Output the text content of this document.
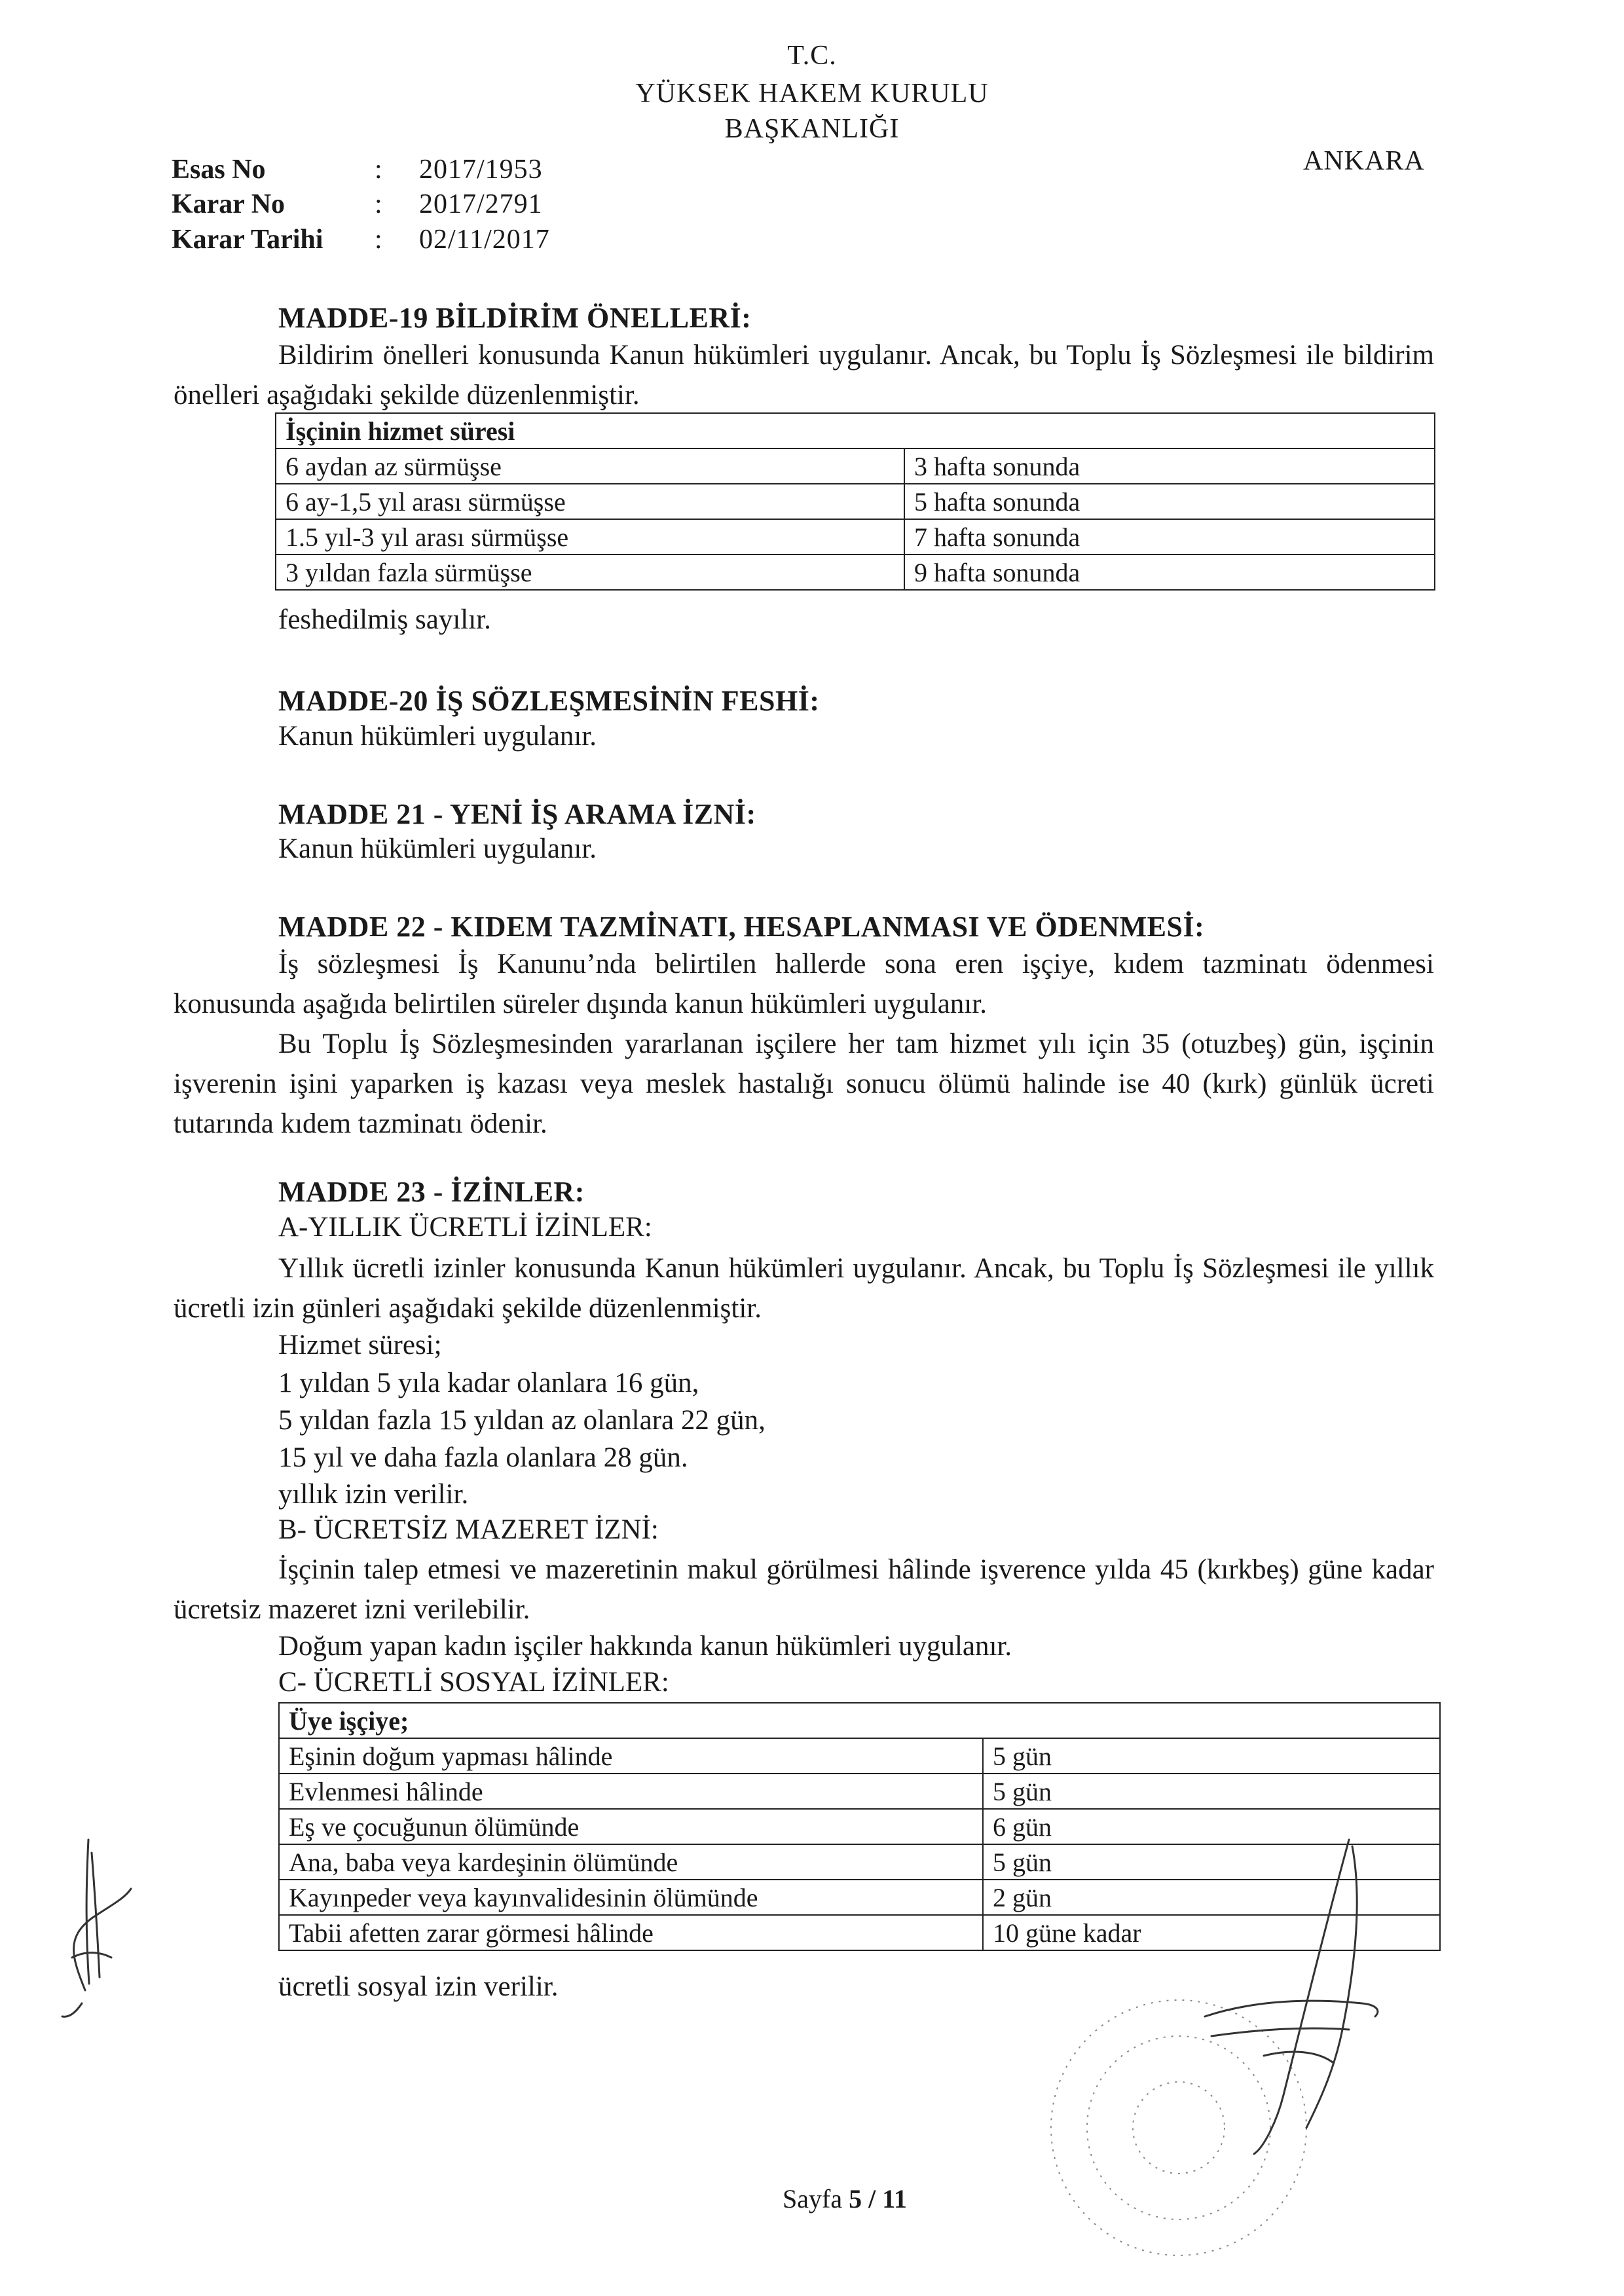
T.C.
YÜKSEK HAKEM KURULU
BAŞKANLIĞI
ANKARA
Esas No	: 2017/1953
Karar No	: 2017/2791
Karar Tarihi : 02/11/2017
MADDE-19 BİLDİRİM ÖNELLERİ:
Bildirim önelleri konusunda Kanun hükümleri uygulanır. Ancak, bu Toplu İş Sözleşmesi ile bildirim önelleri aşağıdaki şekilde düzenlenmiştir.
İşçinin hizmet süresi	
6 aydan az sürmüşse	3 hafta sonunda
6 ay-1,5 yıl arası sürmüşse	5 hafta sonunda
1.5 yıl-3 yıl arası sürmüşse	7 hafta sonunda
3 yıldan fazla sürmüşse	9 hafta sonunda
feshedilmiş sayılır.
MADDE-20 İŞ SÖZLEŞMESİNİN FESHİ:
Kanun hükümleri uygulanır.
MADDE 21 - YENİ İŞ ARAMA İZNİ:
Kanun hükümleri uygulanır.
MADDE 22 - KIDEM TAZMİNATI, HESAPLANMASI VE ÖDENMESİ:
İş sözleşmesi İş Kanunu’nda belirtilen hallerde sona eren işçiye, kıdem tazminatı ödenmesi konusunda aşağıda belirtilen süreler dışında kanun hükümleri uygulanır.
Bu Toplu İş Sözleşmesinden yararlanan işçilere her tam hizmet yılı için 35 (otuzbeş) gün, işçinin işverenin işini yaparken iş kazası veya meslek hastalığı sonucu ölümü halinde ise 40 (kırk) günlük ücreti tutarında kıdem tazminatı ödenir.
MADDE 23 - İZİNLER:
A-YILLIK ÜCRETLİ İZİNLER:
Yıllık ücretli izinler konusunda Kanun hükümleri uygulanır. Ancak, bu Toplu İş Sözleşmesi ile yıllık ücretli izin günleri aşağıdaki şekilde düzenlenmiştir.
Hizmet süresi;
1 yıldan 5 yıla kadar olanlara 16 gün,
5 yıldan fazla 15 yıldan az olanlara 22 gün,
15 yıl ve daha fazla olanlara 28 gün.
yıllık izin verilir.
B- ÜCRETSİZ MAZERET İZNİ:
İşçinin talep etmesi ve mazeretinin makul görülmesi hâlinde işverence yılda 45 (kırkbeş) güne kadar ücretsiz mazeret izni verilebilir.
Doğum yapan kadın işçiler hakkında kanun hükümleri uygulanır.
C- ÜCRETLİ SOSYAL İZİNLER:
Üye işçiye;	
Eşinin doğum yapması hâlinde	5 gün
Evlenmesi hâlinde	5 gün
Eş ve çocuğunun ölümünde	6 gün
Ana, baba veya kardeşinin ölümünde	5 gün
Kayınpeder veya kayınvalidesinin ölümünde	2 gün
Tabii afetten zarar görmesi hâlinde	10 güne kadar
ücretli sosyal izin verilir.
Sayfa 5 / 11
